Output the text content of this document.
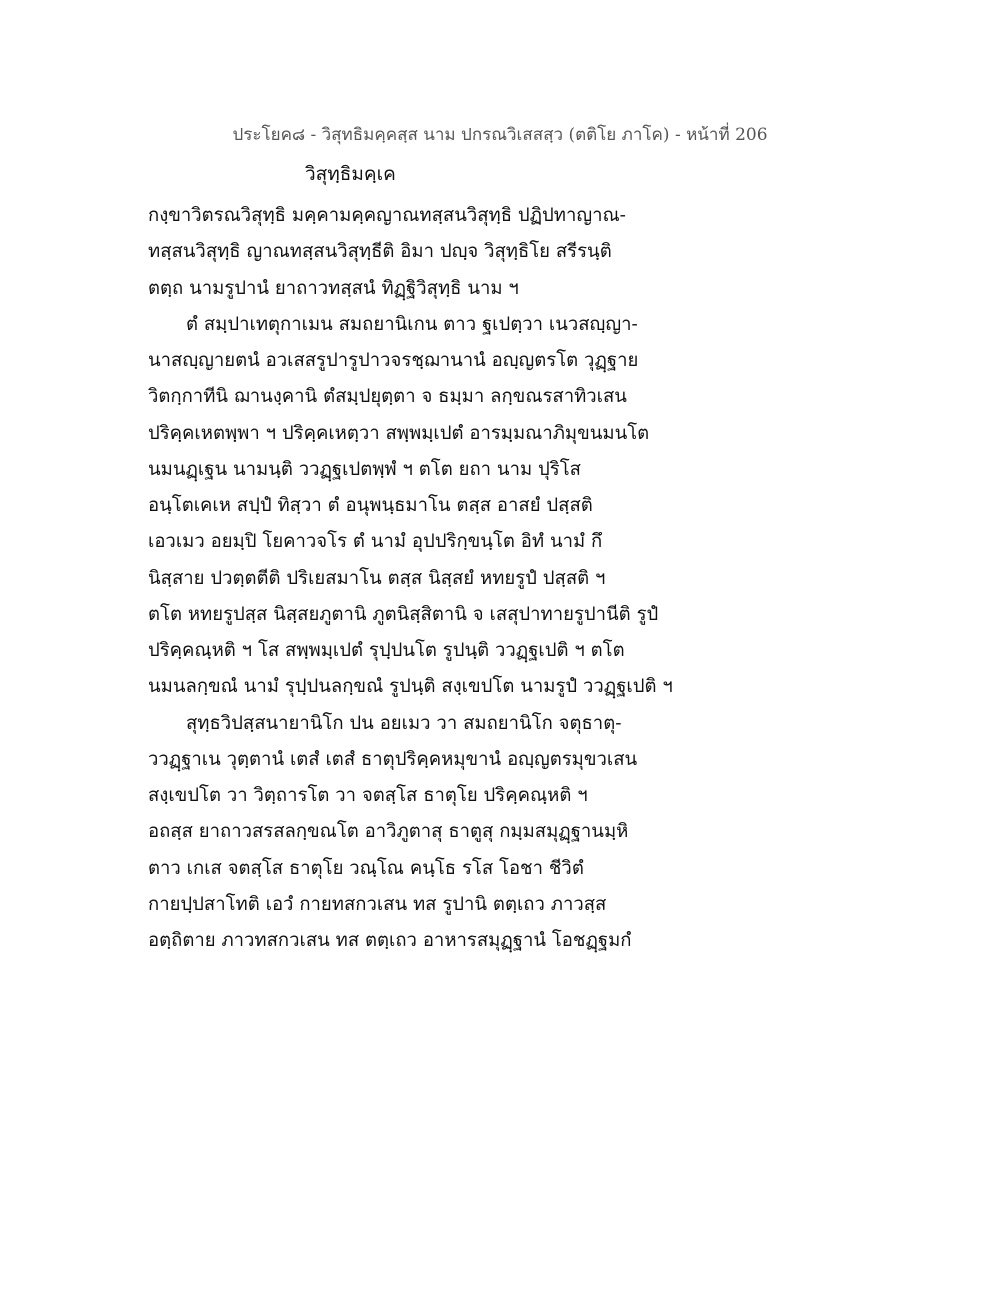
ประโยค๘ - วิสุทธิมคฺคสฺส นาม ปกรณวิเสสสฺว (ตติโย ภาโค) - หน้าที่ 206
วิสุทฺธิมคฺเค
กงฺขาวิตรณวิสุทฺธิ มคฺคามคฺคญาณทสฺสนวิสุทฺธิ ปฏิปทาญาณ-
ทสฺสนวิสุทฺธิ ญาณทสฺสนวิสุทฺธีติ อิมา ปญฺจ วิสุทฺธิโย สรีรนฺติ
ตตฺถ นามรูปานํ ยาถาวทสฺสนํ ทิฏฺฐิวิสุทฺธิ นาม ฯ
ตํ สมฺปาเทตุกาเมน สมถยานิเกน ตาว ฐเปตฺวา เนวสญฺญา-
นาสญฺญายตนํ อวเสสรูปารูปาวจรชฺฌานานํ อญฺญตรโต วุฏฺฐาย
วิตกฺกาทีนิ ฌานงฺคานิ ตํสมฺปยุตฺตา จ ธมฺมา ลกฺขณรสาทิวเสน
ปริคฺคเหตพฺพา ฯ ปริคฺคเหตฺวา สพฺพมฺเปตํ อารมฺมณาภิมุขนมนโต
นมนฏฺเฐน นามนฺติ ววฏฺฐเปตพฺพํ ฯ ตโต ยถา นาม ปุริโส
อนฺโตเคเห สปฺปํ ทิสฺวา ตํ อนุพนฺธมาโน ตสฺส อาสยํ ปสฺสติ
เอวเมว อยมฺปิ โยคาวจโร ตํ นามํ อุปปริกฺขนฺโต อิทํ นามํ กึ
นิสฺสาย ปวตฺตตีติ ปริเยสมาโน ตสฺส นิสฺสยํ หทยรูปํ ปสฺสติ ฯ
ตโต หทยรูปสฺส นิสฺสยภูตานิ ภูตนิสฺสิตานิ จ เสสุปาทายรูปานีติ รูปํ
ปริคฺคณฺหติ ฯ โส สพฺพมฺเปตํ รุปฺปนโต รูปนฺติ ววฏฺฐเปติ ฯ ตโต
นมนลกฺขณํ นามํ รุปฺปนลกฺขณํ รูปนฺติ สงฺเขปโต นามรูปํ ววฏฺฐเปติ ฯ
สุทฺธวิปสฺสนายานิโก ปน อยเมว วา สมถยานิโก จตุธาตุ-
ววฏฺฐาเน วุตฺตานํ เตสํ เตสํ ธาตุปริคฺคหมุขานํ อญฺญตรมุขวเสน
สงฺเขปโต วา วิตฺถารโต วา จตสฺโส ธาตุโย ปริคฺคณฺหติ ฯ
อถสฺส ยาถาวสรสลกฺขณโต อาวิภูตาสุ ธาตูสุ กมฺมสมุฏฺฐานมฺหิ
ตาว เกเส จตสฺโส ธาตุโย วณฺโณ คนฺโธ รโส โอชา ชีวิตํ
กายปฺปสาโทติ เอวํ กายทสกวเสน ทส รูปานิ ตตฺเถว ภาวสฺส
อตฺถิตาย ภาวทสกวเสน ทส ตตฺเถว อาหารสมุฏฺฐานํ โอชฏฺฐมกํ
